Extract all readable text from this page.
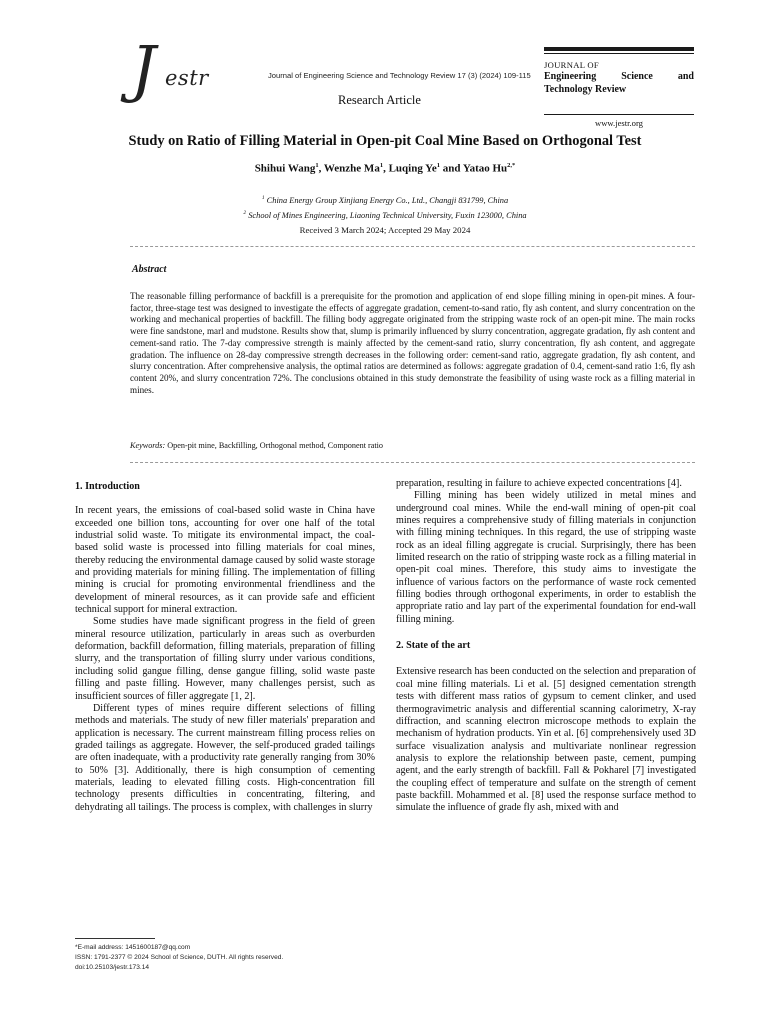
J estr	Journal of Engineering Science and Technology Review 17 (3) (2024) 109-115
Research Article
JOURNAL OF
Engineering Science and Technology Review
www.jestr.org
Study on Ratio of Filling Material in Open-pit Coal Mine Based on Orthogonal Test
Shihui Wang$^1$, Wenzhe Ma$^1$, Luqing Ye$^1$ and Yatao $Hu^{2,*}$
$^1$ China Energy Group Xinjiang Energy Co., Ltd., Changji 831799, China
$^2$ School of Mines Engineering, Liaoning Technical University, Fuxin 123000, China
Received 3 March 2024; Accepted 29 May 2024
Abstract
The reasonable filling performance of backfill is a prerequisite for the promotion and application of end slope filling mining in open-pit mines. A four-factor, three-stage test was designed to investigate the effects of aggregate gradation, cement-to-sand ratio, fly ash content, and slurry concentration on the working and mechanical properties of backfill. The filling body aggregate originated from the stripping waste rock of an open-pit mine. The main rocks were fine sandstone, marl and mudstone. Results show that, slump is primarily influenced by slurry concentration, aggregate gradation, fly ash content and cement-sand ratio. The 7-day compressive strength is mainly affected by the cement-sand ratio, slurry concentration, fly ash content, and aggregate gradation. The influence on 28-day compressive strength decreases in the following order: cement-sand ratio, aggregate gradation, fly ash content, and slurry concentration. After comprehensive analysis, the optimal ratios are determined as follows: aggregate gradation of 0.4, cement-sand ratio 1:6, fly ash content 20%, and slurry concentration 72%. The conclusions obtained in this study demonstrate the feasibility of using waste rock as a filling material in mines.
Keywords: Open-pit mine, Backfilling, Orthogonal method, Component ratio
1. Introduction

In recent years, the emissions of coal-based solid waste in China have exceeded one billion tons, accounting for over one half of the total industrial solid waste. To mitigate its environmental impact, the coal-based solid waste is processed into filling materials for coal mines, thereby reducing the environmental damage caused by solid waste storage and providing materials for mining filling. The implementation of filling mining is crucial for promoting environmental friendliness and the development of mineral resources, as it can provide safe and efficient technical support for mineral extraction.

Some studies have made significant progress in the field of green mineral resource utilization, particularly in areas such as overburden deformation, backfill deformation, filling materials, preparation of filling slurry, and the transportation of filling slurry under various conditions, including solid gangue filling, dense gangue filling, solid waste paste filling and paste filling. However, many challenges persist, such as insufficient sources of filler aggregate [1, 2].

Different types of mines require different selections of filling methods and materials. The study of new filler materials' preparation and application is necessary. The current mainstream filling process relies on graded tailings as aggregate. However, the self-produced graded tailings are often inadequate, with a productivity rate generally ranging from 30% to 50% [3]. Additionally, there is high consumption of cementing materials, leading to elevated filling costs. High-concentration fill technology presents difficulties in concentrating, filtering, and dehydrating all tailings. The process is complex, with challenges in slurry

preparation, resulting in failure to achieve expected concentrations [4].

Filling mining has been widely utilized in metal mines and underground coal mines. While the end-wall mining of open-pit coal mines requires a comprehensive study of filling materials in conjunction with filling mining techniques. In this regard, the use of stripping waste rock as an ideal filling aggregate is crucial. Surprisingly, there has been limited research on the ratio of stripping waste rock as a filling material in open-pit coal mines. Therefore, this study aims to investigate the influence of various factors on the performance of waste rock cemented filling bodies through orthogonal experiments, in order to establish the appropriate ratio and lay part of the experimental foundation for end-wall filling mining.

2. State of the art

Extensive research has been conducted on the selection and preparation of coal mine filling materials. Li et al. [5] designed cementation strength tests with different mass ratios of gypsum to cement clinker, and used thermogravimetric analysis and differential scanning calorimetry, X-ray diffraction, and scanning electron microscope methods to explain the mechanism of hydration products. Yin et al. [6] comprehensively used 3D surface visualization analysis and multivariate nonlinear regression analysis to explore the relationship between paste, cement, pumping agent, and the early strength of backfill. Fall & Pokharel [7] investigated the coupling effect of temperature and sulfate on the strength of cement paste backfill. Mohammed et al. [8] used the response surface method to simulate the influence of grade fly ash, mixed with and

*E-mail address: 1451600187@qq.com
ISSN: 1791-2377 © 2024 School of Science, DUTH. All rights reserved.
doi:10.25103/jestr.173.14
